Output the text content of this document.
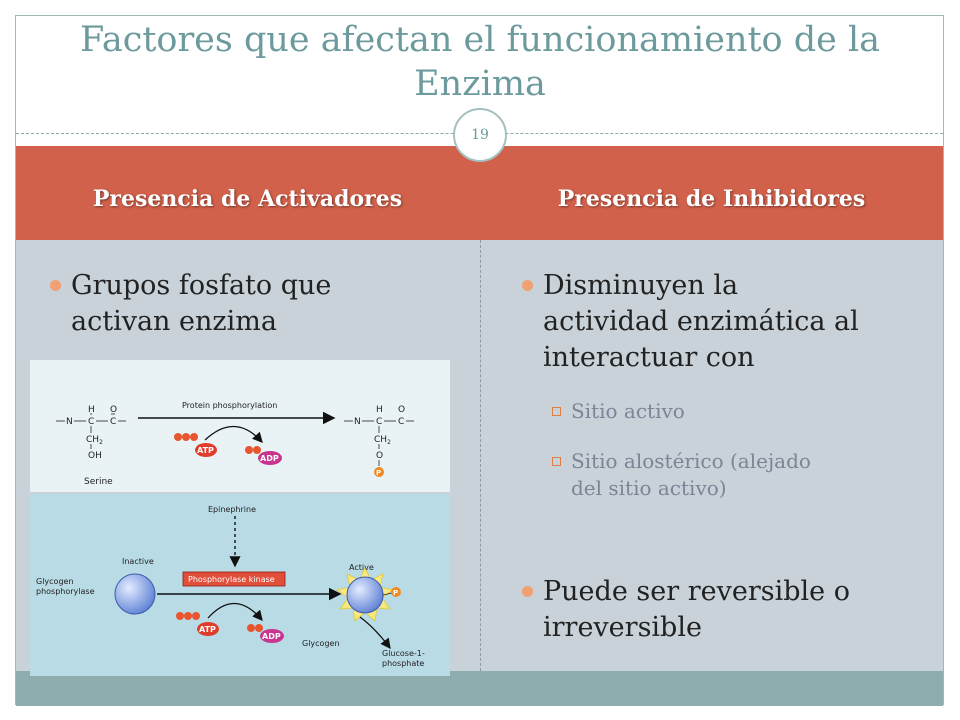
Factores que afectan el funcionamiento de la
Enzima
19
Presencia de Activadores	Presencia de Inhibidores
Grupos fosfato que
activan enzima
Disminuyen la
actividad enzimática al
interactuar con
Sitio activo
Sitio alostérico (alejado
del sitio activo)
Puede ser reversible o
irreversible
H O
N C C
$CH_2$
OH
Serine
Protein phosphorylation
ATP
ADP
H O
N C C
$CH_2$
O
P
Epinephrine
Inactive
Glycogen
phosphorylase
Phosphorylase kinase
ATP
ADP
Active
P
Glycogen
Glucose-1-
phosphate
